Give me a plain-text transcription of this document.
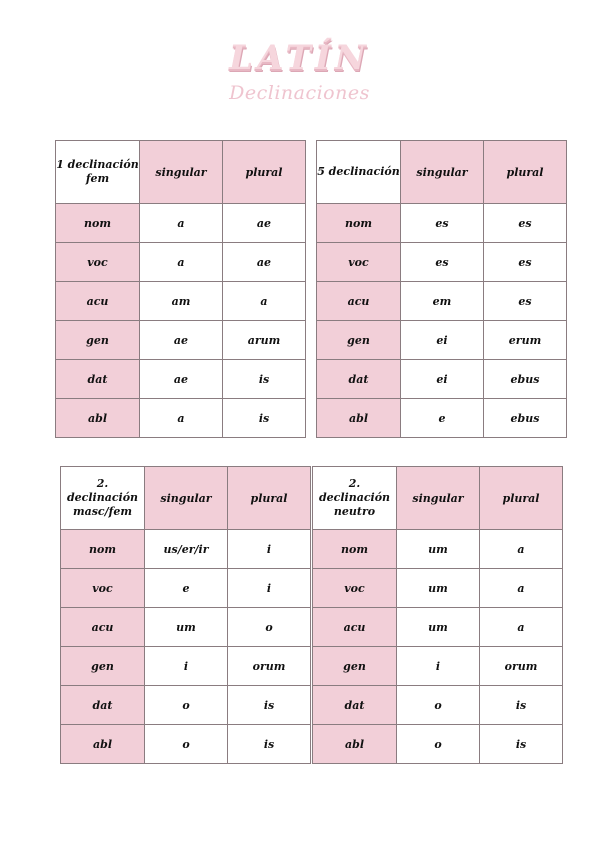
LATÍN
Declinaciones
1 declinación
fem	singular	plural
nom	a	ae
voc	a	ae
acu	am	a
gen	ae	arum
dat	ae	is
abl	a	is
5 declinación	singular	plural
nom	es	es
voc	es	es
acu	em	es
gen	ei	erum
dat	ei	ebus
abl	e	ebus
2. declinación
masc/fem	singular	plural
nom	us/er/ir	i
voc	e	i
acu	um	o
gen	i	orum
dat	o	is
abl	o	is
2. declinación
neutro	singular	plural
nom	um	a
voc	um	a
acu	um	a
gen	i	orum
dat	o	is
abl	o	is
